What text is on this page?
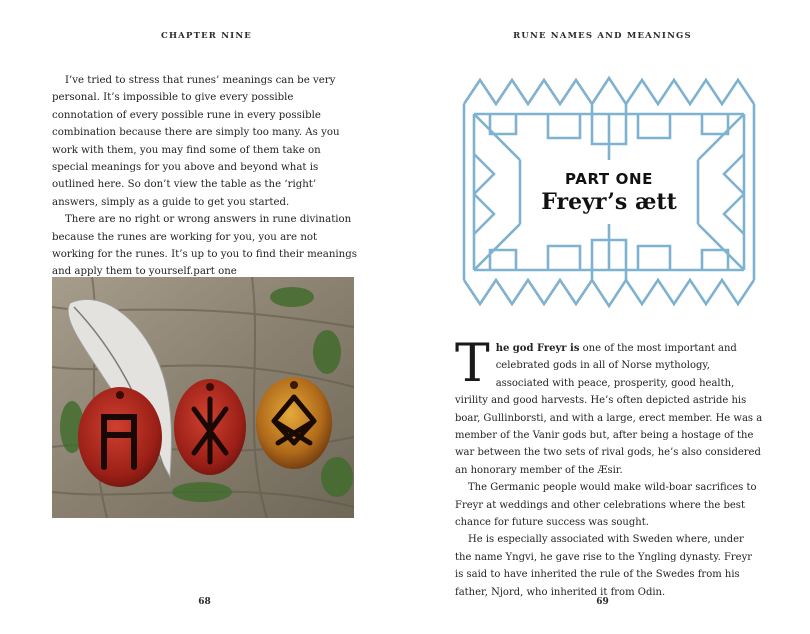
CHAPTER NINE

I’ve tried to stress that runes’ meanings can be very personal. It’s impossible to give every possible connotation of every possible rune in every possible combination because there are simply too many. As you work with them, you may find some of them take on special meanings for you above and beyond what is outlined here. So don’t view the table as the ‘right’ answers, simply as a guide to get you started.

There are no right or wrong answers in rune divination because the runes are working for you, you are not working for the runes. It’s up to you to find their meanings and apply them to yourself.part one

68
RUNE NAMES AND MEANINGS

The god Freyr is one of the most important and celebrated gods in all of Norse mythology, associated with peace, prosperity, good health, virility and good harvests. He’s often depicted astride his boar, Gullinborsti, and with a large, erect member. He was a member of the Vanir gods but, after being a hostage of the war between the two sets of rival gods, he’s also considered an honorary member of the Æsir.

The Germanic people would make wild-boar sacrifices to Freyr at weddings and other celebrations where the best chance for future success was sought.

He is especially associated with Sweden where, under the name Yngvi, he gave rise to the Yngling dynasty. Freyr is said to have inherited the rule of the Swedes from his father, Njord, who inherited it from Odin.

69
PART ONE
Freyr’s ætt
